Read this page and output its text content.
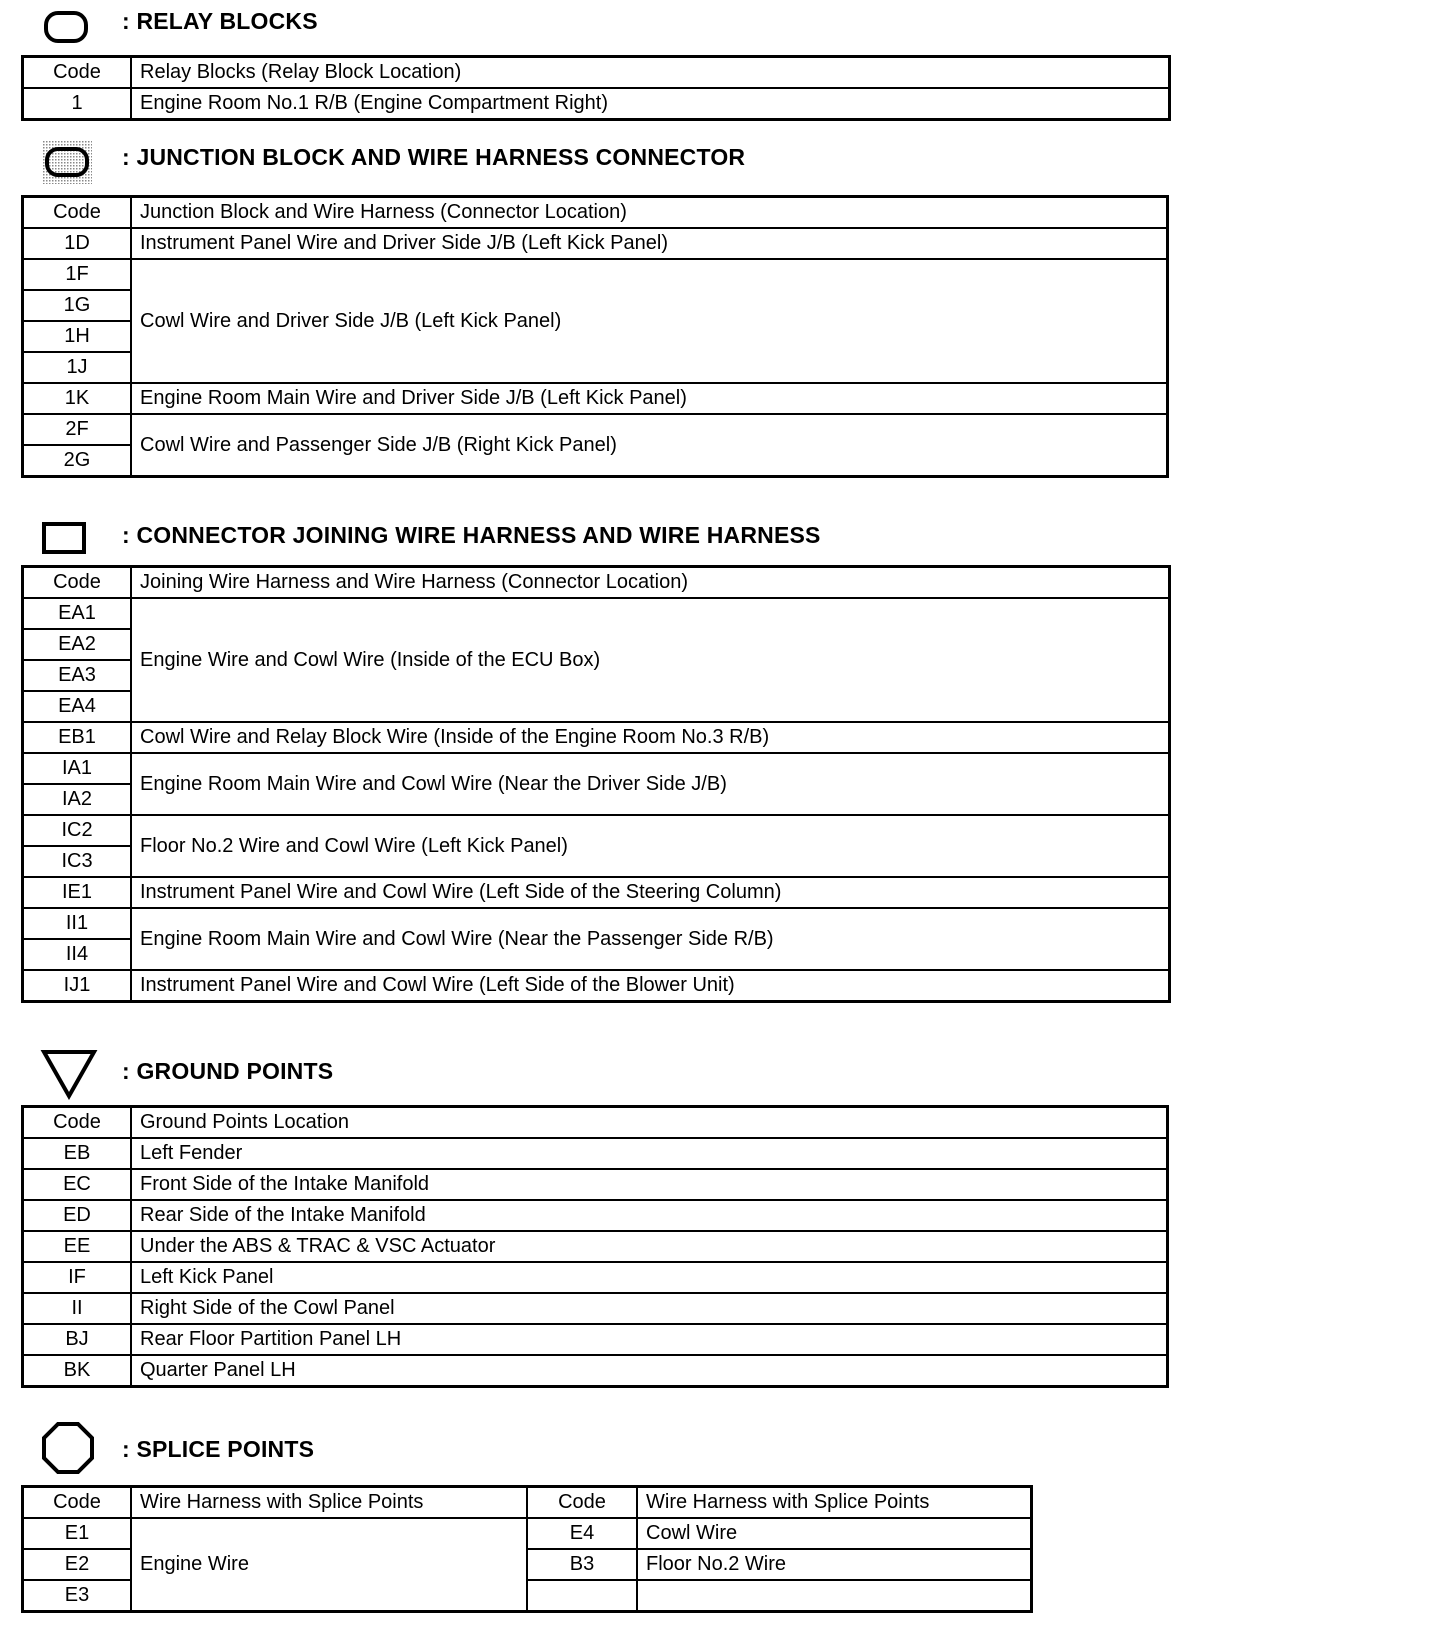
: RELAY BLOCKS
Code	Relay Blocks (Relay Block Location)
1	Engine Room No.1 R/B (Engine Compartment Right)
: JUNCTION BLOCK AND WIRE HARNESS CONNECTOR
Code	Junction Block and Wire Harness (Connector Location)
1D	Instrument Panel Wire and Driver Side J/B (Left Kick Panel)
1F	Cowl Wire and Driver Side J/B (Left Kick Panel)
1G	
1H	
1J	
1K	Engine Room Main Wire and Driver Side J/B (Left Kick Panel)
2F	Cowl Wire and Passenger Side J/B (Right Kick Panel)
2G	
: CONNECTOR JOINING WIRE HARNESS AND WIRE HARNESS
Code	Joining Wire Harness and Wire Harness (Connector Location)
EA1	Engine Wire and Cowl Wire (Inside of the ECU Box)
EA2	
EA3	
EA4	
EB1	Cowl Wire and Relay Block Wire (Inside of the Engine Room No.3 R/B)
IA1	Engine Room Main Wire and Cowl Wire (Near the Driver Side J/B)
IA2	
IC2	Floor No.2 Wire and Cowl Wire (Left Kick Panel)
IC3	
IE1	Instrument Panel Wire and Cowl Wire (Left Side of the Steering Column)
II1	Engine Room Main Wire and Cowl Wire (Near the Passenger Side R/B)
II4	
IJ1	Instrument Panel Wire and Cowl Wire (Left Side of the Blower Unit)
: GROUND POINTS
Code	Ground Points Location
EB	Left Fender
EC	Front Side of the Intake Manifold
ED	Rear Side of the Intake Manifold
EE	Under the ABS & TRAC & VSC Actuator
IF	Left Kick Panel
II	Right Side of the Cowl Panel
BJ	Rear Floor Partition Panel LH
BK	Quarter Panel LH
: SPLICE POINTS
Code	Wire Harness with Splice Points	Code	Wire Harness with Splice Points
E1	Engine Wire	E4	Cowl Wire
E2		B3	Floor No.2 Wire
E3			
